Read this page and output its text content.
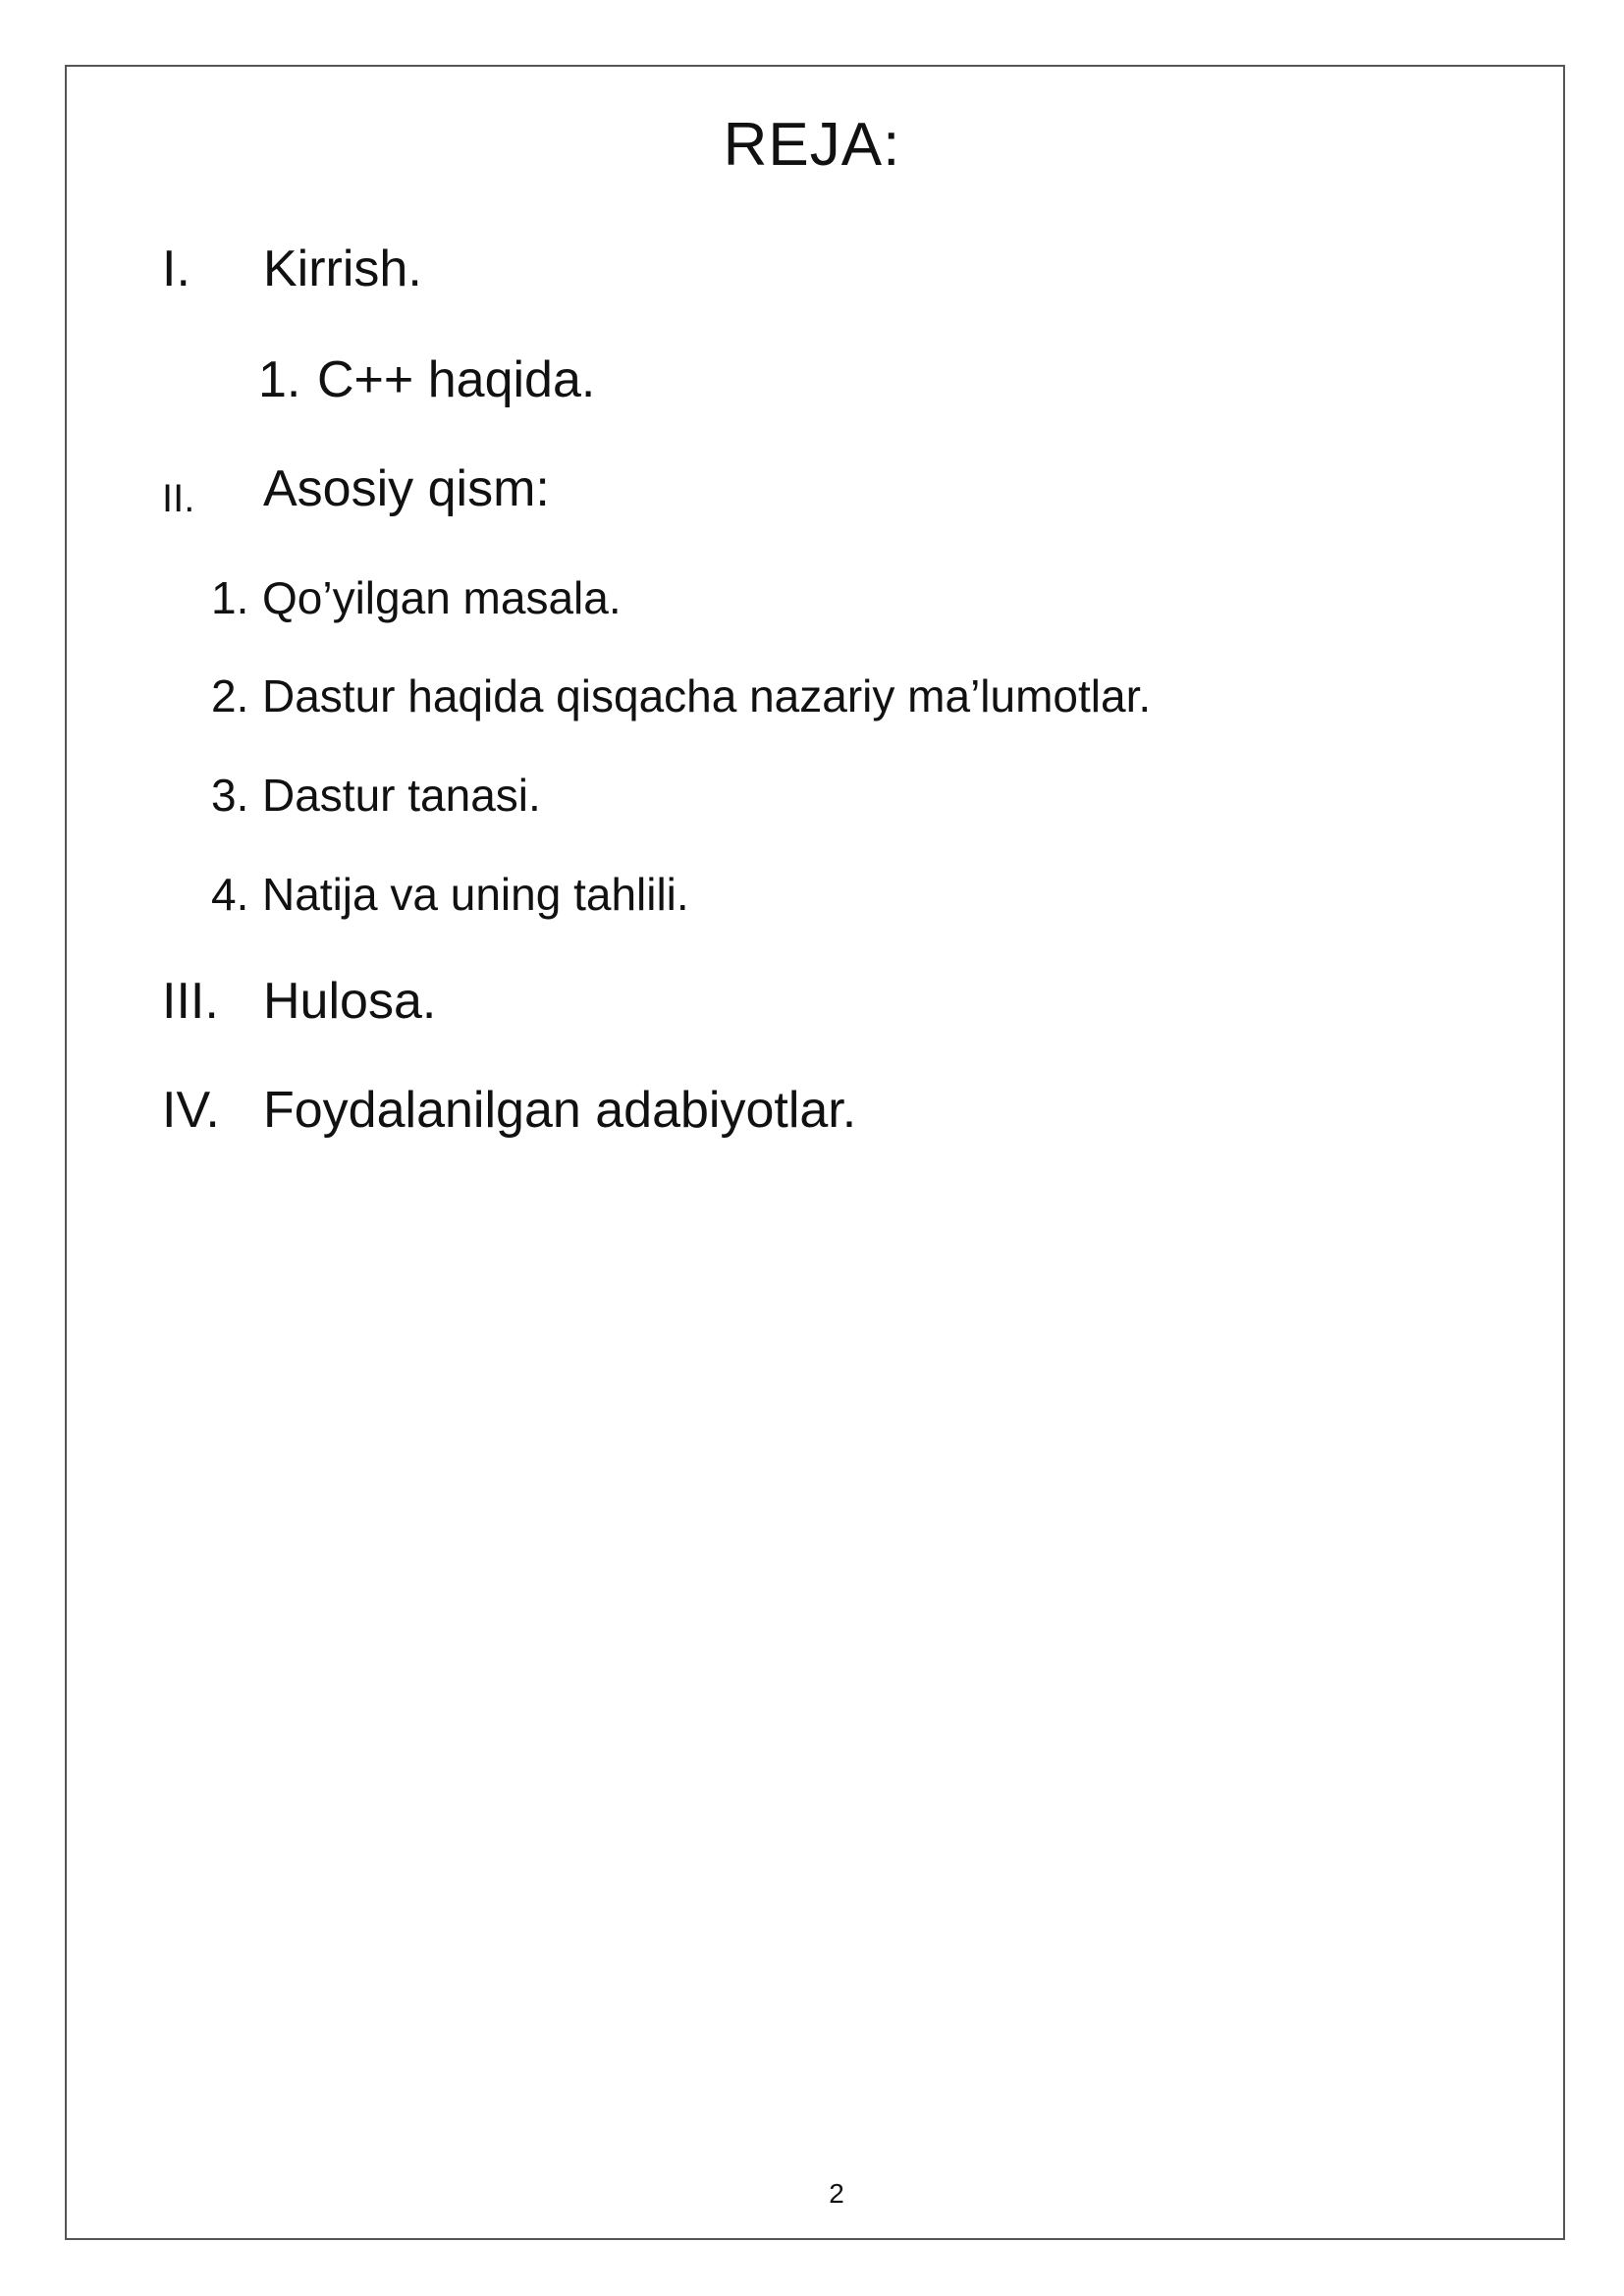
REJA:
I. Kirrish.
1. C++ haqida.
II. Asosiy qism:
1. Qo’yilgan masala.
2. Dastur haqida qisqacha nazariy ma’lumotlar.
3. Dastur tanasi.
4. Natija va uning tahlili.
III. Hulosa.
IV. Foydalanilgan adabiyotlar.
2
